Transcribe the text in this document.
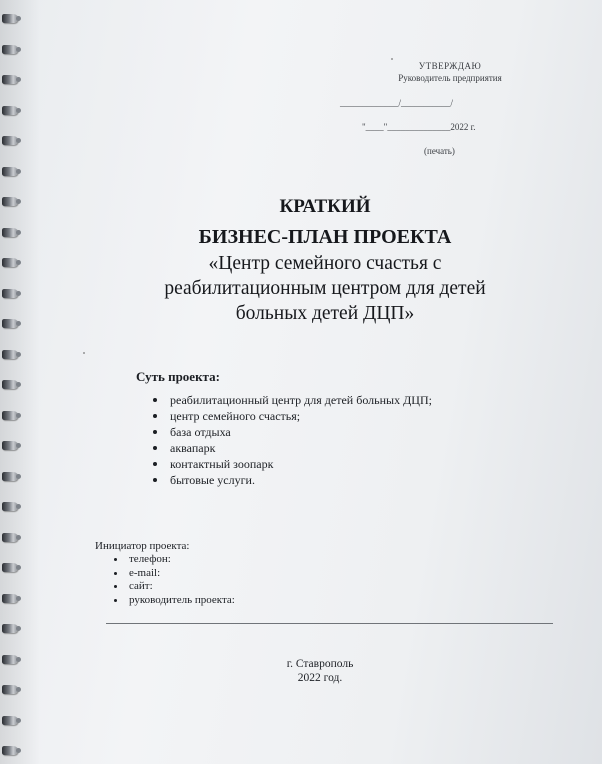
УТВЕРЖДАЮ
Руководитель предприятия
_____________/___________/
"____"______________2022 г.
(печать)
КРАТКИЙ
БИЗНЕС-ПЛАН ПРОЕКТА
«Центр семейного счастья с
реабилитационным центром для детей
больных детей ДЦП»
Суть проекта:
реабилитационный центр для детей больных ДЦП;
центр семейного счастья;
база отдыха
аквапарк
контактный зоопарк
бытовые услуги.
Инициатор проекта:
телефон:
e-mail:
сайт:
руководитель проекта:
г. Ставрополь
2022 год.
